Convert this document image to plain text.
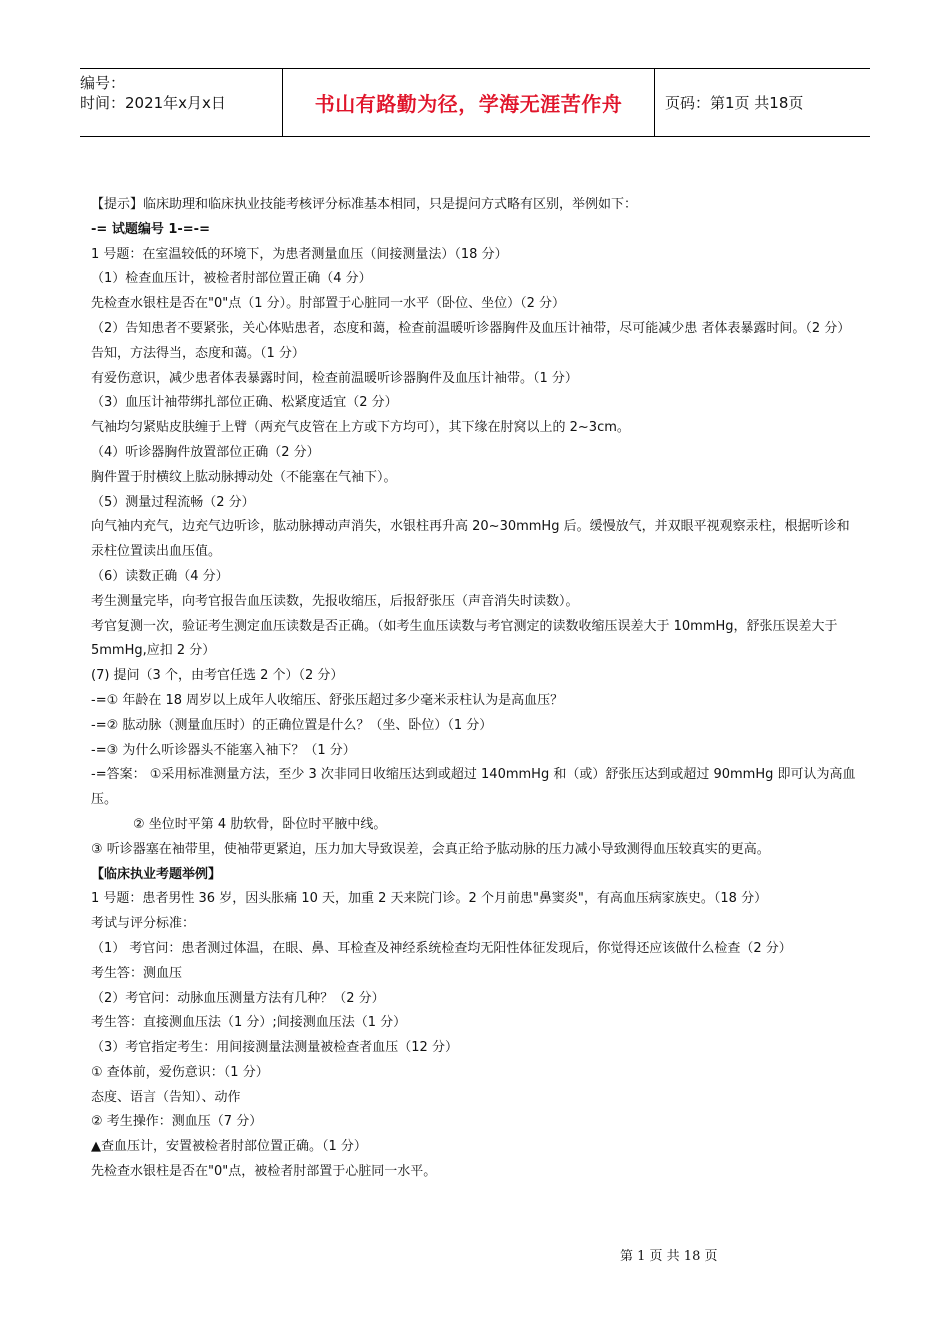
编号：
时间：2021年x月x日	书山有路勤为径，学海无涯苦作舟	页码：第1页 共18页
【提示】临床助理和临床执业技能考核评分标准基本相同，只是提问方式略有区别，举例如下：
-= 试题编号 1-=-=
1 号题：在室温较低的环境下，为患者测量血压（间接测量法）（18 分）
（1）检查血压计，被检者肘部位置正确（4 分）
先检查水银柱是否在"0"点（1 分）。肘部置于心脏同一水平（卧位、坐位）（2 分）
（2）告知患者不要紧张，关心体贴患者，态度和蔼，检查前温暖听诊器胸件及血压计袖带，尽可能减少患 者体表暴露时间。（2 分）
告知，方法得当，态度和蔼。（1 分）
有爱伤意识，减少患者体表暴露时间，检查前温暖听诊器胸件及血压计袖带。（1 分）
（3）血压计袖带绑扎部位正确、松紧度适宜（2 分）
气袖均匀紧贴皮肤缠于上臂（两充气皮管在上方或下方均可），其下缘在肘窝以上的 2~3cm。
（4）听诊器胸件放置部位正确（2 分）
胸件置于肘横纹上肱动脉搏动处（不能塞在气袖下）。
（5）测量过程流畅（2 分）
向气袖内充气，边充气边听诊，肱动脉搏动声消失，水银柱再升高 20~30mmHg 后。缓慢放气，并双眼平视观察汞柱，根据听诊和汞柱位置读出血压值。
（6）读数正确（4 分）
考生测量完毕，向考官报告血压读数，先报收缩压，后报舒张压（声音消失时读数）。
考官复测一次，验证考生测定血压读数是否正确。（如考生血压读数与考官测定的读数收缩压误差大于 10mmHg，舒张压误差大于 5mmHg,应扣 2 分）
(7) 提问（3 个，由考官任选 2 个）（2 分）
-=① 年龄在 18 周岁以上成年人收缩压、舒张压超过多少毫米汞柱认为是高血压？
-=② 肱动脉（测量血压时）的正确位置是什么？（坐、卧位）（1 分）
-=③ 为什么听诊器头不能塞入袖下？（1 分）
-=答案： ①采用标准测量方法，至少 3 次非同日收缩压达到或超过 140mmHg 和（或）舒张压达到或超过 90mmHg 即可认为高血压。
② 坐位时平第 4 肋软骨，卧位时平腋中线。
③ 听诊器塞在袖带里，使袖带更紧迫，压力加大导致误差，会真正给予肱动脉的压力减小导致测得血压较真实的更高。
【临床执业考题举例】
1 号题：患者男性 36 岁，因头胀痛 10 天，加重 2 天来院门诊。2 个月前患"鼻窦炎"，有高血压病家族史。（18 分）
考试与评分标准：
（1） 考官问：患者测过体温，在眼、鼻、耳检查及神经系统检查均无阳性体征发现后，你觉得还应该做什么检查（2 分）
考生答：测血压
（2）考官问：动脉血压测量方法有几种？（2 分）
考生答：直接测血压法（1 分）;间接测血压法（1 分）
（3）考官指定考生：用间接测量法测量被检查者血压（12 分）
① 查体前，爱伤意识：（1 分）
态度、语言（告知）、动作
② 考生操作：测血压（7 分）
▲查血压计，安置被检者肘部位置正确。（1 分）
先检查水银柱是否在"0"点，被检者肘部置于心脏同一水平。
第 1 页 共 18 页
